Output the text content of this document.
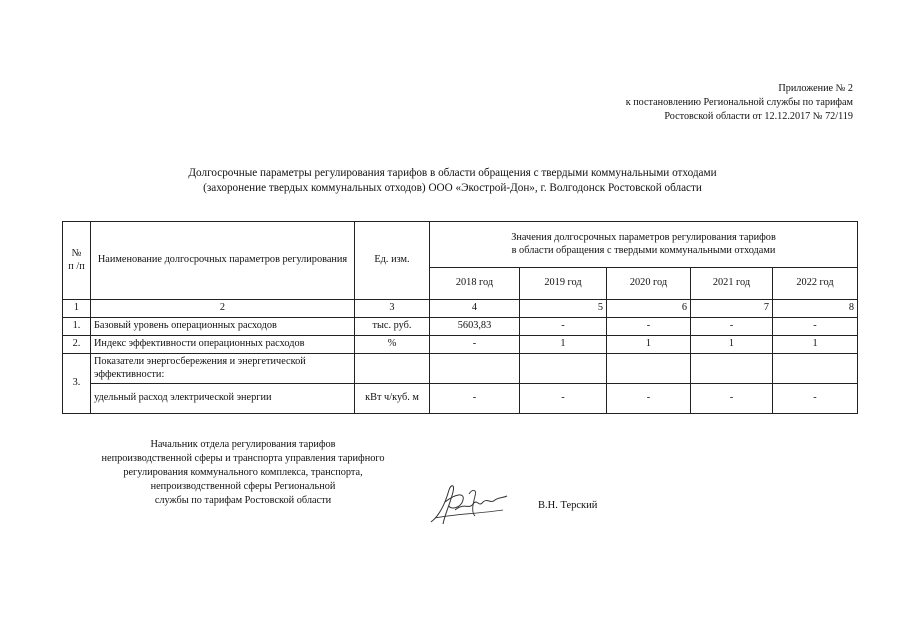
Приложение № 2
к постановлению Региональной службы по тарифам
Ростовской области от 12.12.2017 № 72/119
Долгосрочные параметры регулирования тарифов в области обращения с твердыми коммунальными отходами
(захоронение твердых коммунальных отходов) ООО «Экострой-Дон», г. Волгодонск Ростовской области
№
п /п	Наименование долгосрочных параметров регулирования	Ед. изм.	Значения долгосрочных параметров регулирования тарифов
в области обращения с твердыми коммунальными отходами				
			2018 год	2019 год	2020 год	2021 год	2022 год
1	2	3	4	5	6	7	8
1.	Базовый уровень операционных расходов	тыс. руб.	5603,83	-	-	-	-
2.	Индекс эффективности операционных расходов	%	-	1	1	1	1
3.	Показатели энергосбережения и энергетической эффективности:						
	удельный расход электрической энергии	кВт ч/куб. м	-	-	-	-	-
Начальник отдела регулирования тарифов
непроизводственной сферы и транспорта управления тарифного
регулирования коммунального комплекса, транспорта,
непроизводственной сферы Региональной
службы по тарифам Ростовской области	В.Н. Терский
